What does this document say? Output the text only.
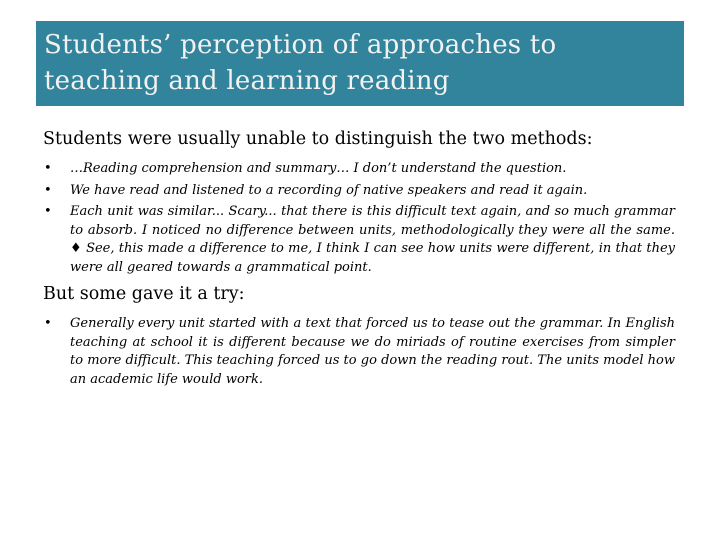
Students’ perception of approaches to teaching and learning reading

Students were usually unable to distinguish the two methods:

• …Reading comprehension and summary… I don’t understand the question.
• We have read and listened to a recording of native speakers and read it again.
• Each unit was similar... Scary... that there is this difficult text again, and so much grammar to absorb. I noticed no difference between units, methodologically they were all the same. ♦ See, this made a difference to me, I think I can see how units were different, in that they were all geared towards a grammatical point.

But some gave it a try:

• Generally every unit started with a text that forced us to tease out the grammar. In English teaching at school it is different because we do miriads of routine exercises from simpler to more difficult. This teaching forced us to go down the reading rout. The units model how an academic life would work.
